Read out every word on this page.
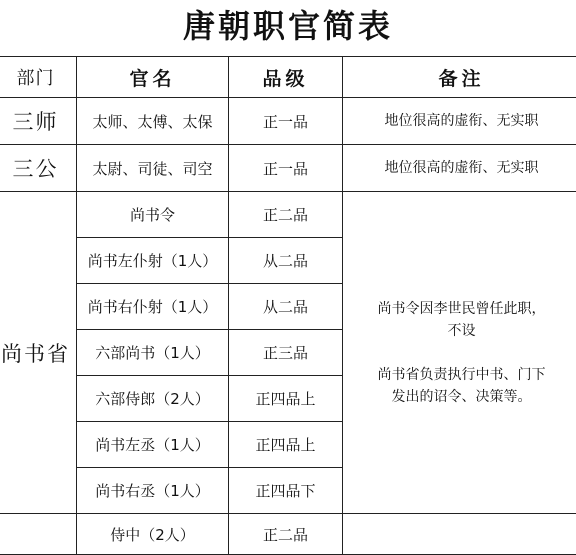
唐朝职官简表
部门	官名	品级	备注
三师	太师、太傅、太保	正一品	地位很高的虚衔、无实职
三公	太尉、司徒、司空	正一品	地位很高的虚衔、无实职
尚书省	尚书令	正二品	尚书令因李世民曾任此职，
不设
尚书省负责执行中书、门下
发出的诏令、决策等。

	尚书左仆射（1人）	从二品	
	尚书右仆射（1人）	从二品	
	六部尚书（1人）	正三品	
	六部侍郎（2人）	正四品上	
	尚书左丞（1人）	正四品上	
	尚书右丞（1人）	正四品下	
	侍中（2人）	正二品	
